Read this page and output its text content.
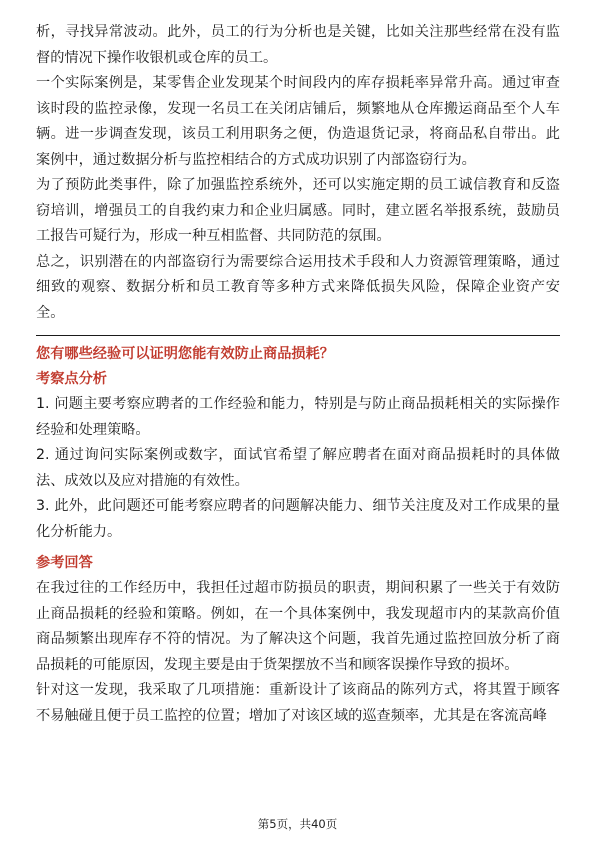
析，寻找异常波动。此外，员工的行为分析也是关键，比如关注那些经常在没有监督的情况下操作收银机或仓库的员工。

一个实际案例是，某零售企业发现某个时间段内的库存损耗率异常升高。通过审查该时段的监控录像，发现一名员工在关闭店铺后，频繁地从仓库搬运商品至个人车辆。进一步调查发现，该员工利用职务之便，伪造退货记录，将商品私自带出。此案例中，通过数据分析与监控相结合的方式成功识别了内部盗窃行为。

为了预防此类事件，除了加强监控系统外，还可以实施定期的员工诚信教育和反盗窃培训，增强员工的自我约束力和企业归属感。同时，建立匿名举报系统，鼓励员工报告可疑行为，形成一种互相监督、共同防范的氛围。

总之，识别潜在的内部盗窃行为需要综合运用技术手段和人力资源管理策略，通过细致的观察、数据分析和员工教育等多种方式来降低损失风险，保障企业资产安全。

您有哪些经验可以证明您能有效防止商品损耗？

考察点分析

1. 问题主要考察应聘者的工作经验和能力，特别是与防止商品损耗相关的实际操作经验和处理策略。

2. 通过询问实际案例或数字，面试官希望了解应聘者在面对商品损耗时的具体做法、成效以及应对措施的有效性。

3. 此外，此问题还可能考察应聘者的问题解决能力、细节关注度及对工作成果的量化分析能力。

参考回答

在我过往的工作经历中，我担任过超市防损员的职责，期间积累了一些关于有效防止商品损耗的经验和策略。例如，在一个具体案例中，我发现超市内的某款高价值商品频繁出现库存不符的情况。为了解决这个问题，我首先通过监控回放分析了商品损耗的可能原因，发现主要是由于货架摆放不当和顾客误操作导致的损坏。

针对这一发现，我采取了几项措施：重新设计了该商品的陈列方式，将其置于顾客不易触碰且便于员工监控的位置；增加了对该区域的巡查频率，尤其是在客流高峰

第5页，共40页
